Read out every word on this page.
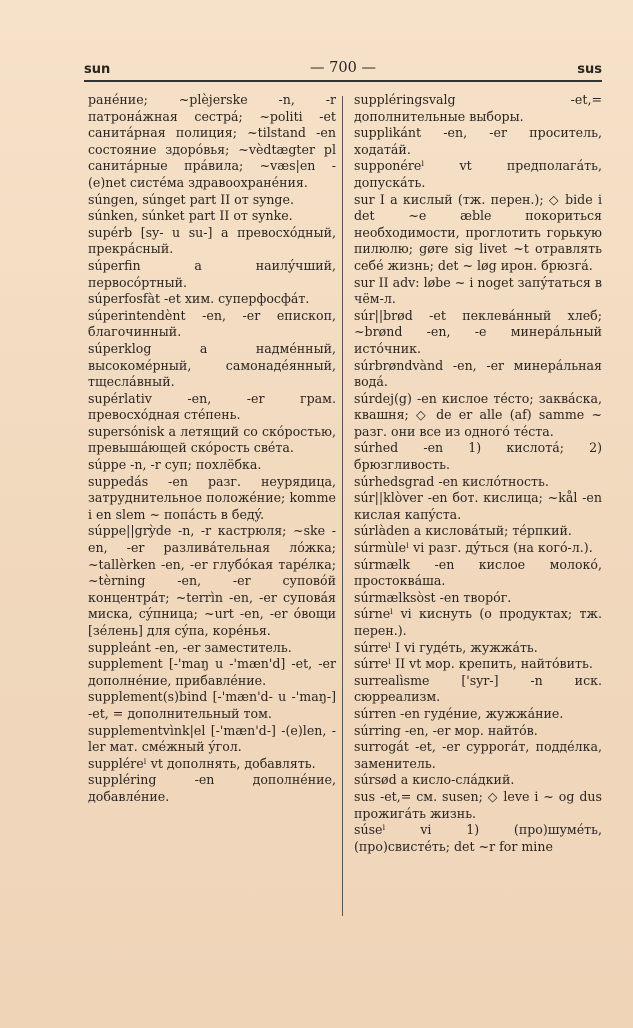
sun	— 700 —	sus

ранéние; ~plèjerske -n, -r патронáжная сестрá; ~politi -et санитáрная полиция; ~tilstand -en состояние здорóвья; ~vèdtægter pl санитáрные прáвила; ~væs|en -(e)net систéма здравоохранéния.

súngen, súnget part II от synge.

súnken, súnket part II от synke.

supérb [sy- u su-] a превосхóдный, прекрáсный.

súperfin a наилýчший, первосóртный.

súperfosfàt -et хим. суперфосфáт.

súperintendènt -en, -er епископ, благочинный.

súperklog a надмéнный, высокомéрный, самонадéянный, тщеслáвный.

supérlativ -en, -er грам. превосхóдная стéпень.

supersónisk a летящий со скóростью, превышáющей скóрость свéта.

súppe -n, -r суп; похлёбка.

suppedás -en разг. неурядица, затруднительное положéние; komme i en slem ~ попáсть в бедý.

súppe||grỳde -n, -r кастрюля; ~ske -en, -er разливáтельная лóжка; ~tallèrken -en, -er глубóкая тарéлка; ~tèrning -en, -er суповóй концентрáт; ~terrìn -en, -er суповáя миска, сýпница; ~urt -en, -er óвощи [зéлень] для сýпа, корéнья.

suppleánt -en, -er заместитель.

supplement [-'maŋ u -'mæn'd] -et, -er дополнéние, прибавлéние.

supplement(s)bind [-'mæn'd- u -'maŋ-] -et, = дополнительный том.

supplementvìnk|el [-'mæn'd-] -(e)len, -ler мат. смéжный ýгол.

suppléreˡ vt дополнять, добавлять.

suppléring -en дополнéние, добавлéние.

suppléringsvalg -et,= дополнительные выборы.

supplikánt -en, -er проситель, ходатáй.

supponéreˡ vt предполагáть, допускáть.

sur I a кислый (тж. перен.); ◇ bide i det ~e æble покориться необходимости, проглотить горькую пилюлю; gøre sig livet ~t отравлять себé жизнь; det ~ løg ирон. брюзгá.

sur II adv: løbe ~ i noget запýтаться в чём-л.

súr||brød -et пеклевáнный хлеб; ~brønd -en, -e минерáльный истóчник.

súrbrøndvànd -en, -er минерáльная водá.

súrdej(g) -en кислое тéсто; заквáска, квашня; ◇ de er alle (af) samme ~ разг. они все из одногó тéста.

súrhed -en 1) кислотá; 2) брюзгливость.

súrhedsgrad -en кислóтность.

súr||klòver -en бот. кислица; ~kål -en кислая капýста.

súrlàden a кисловáтый; тéрпкий.

súrmùleˡ vi разг. дýться (на когó-л.).

súrmælk -en кислое молокó, простоквáша.

súrmælksòst -en творóг.

súrneˡ vi киснуть (о продуктах; тж. перен.).

súrreˡ I vi гудéть, жужжáть.

súrreˡ II vt мор. крепить, найтóвить.

surrealìsme ['syr-] -n иск. сюрреализм.

súrren -en гудéние, жужжáние.

súrring -en, -er мор. найтóв.

surrogát -et, -er суррогáт, поддéлка, заменитель.

súrsød a кисло-слáдкий.

sus -et,= см. susen; ◇ leve i ~ og dus прожигáть жизнь.

súseˡ vi 1) (про)шумéть, (про)свистéть; det ~r for mine
